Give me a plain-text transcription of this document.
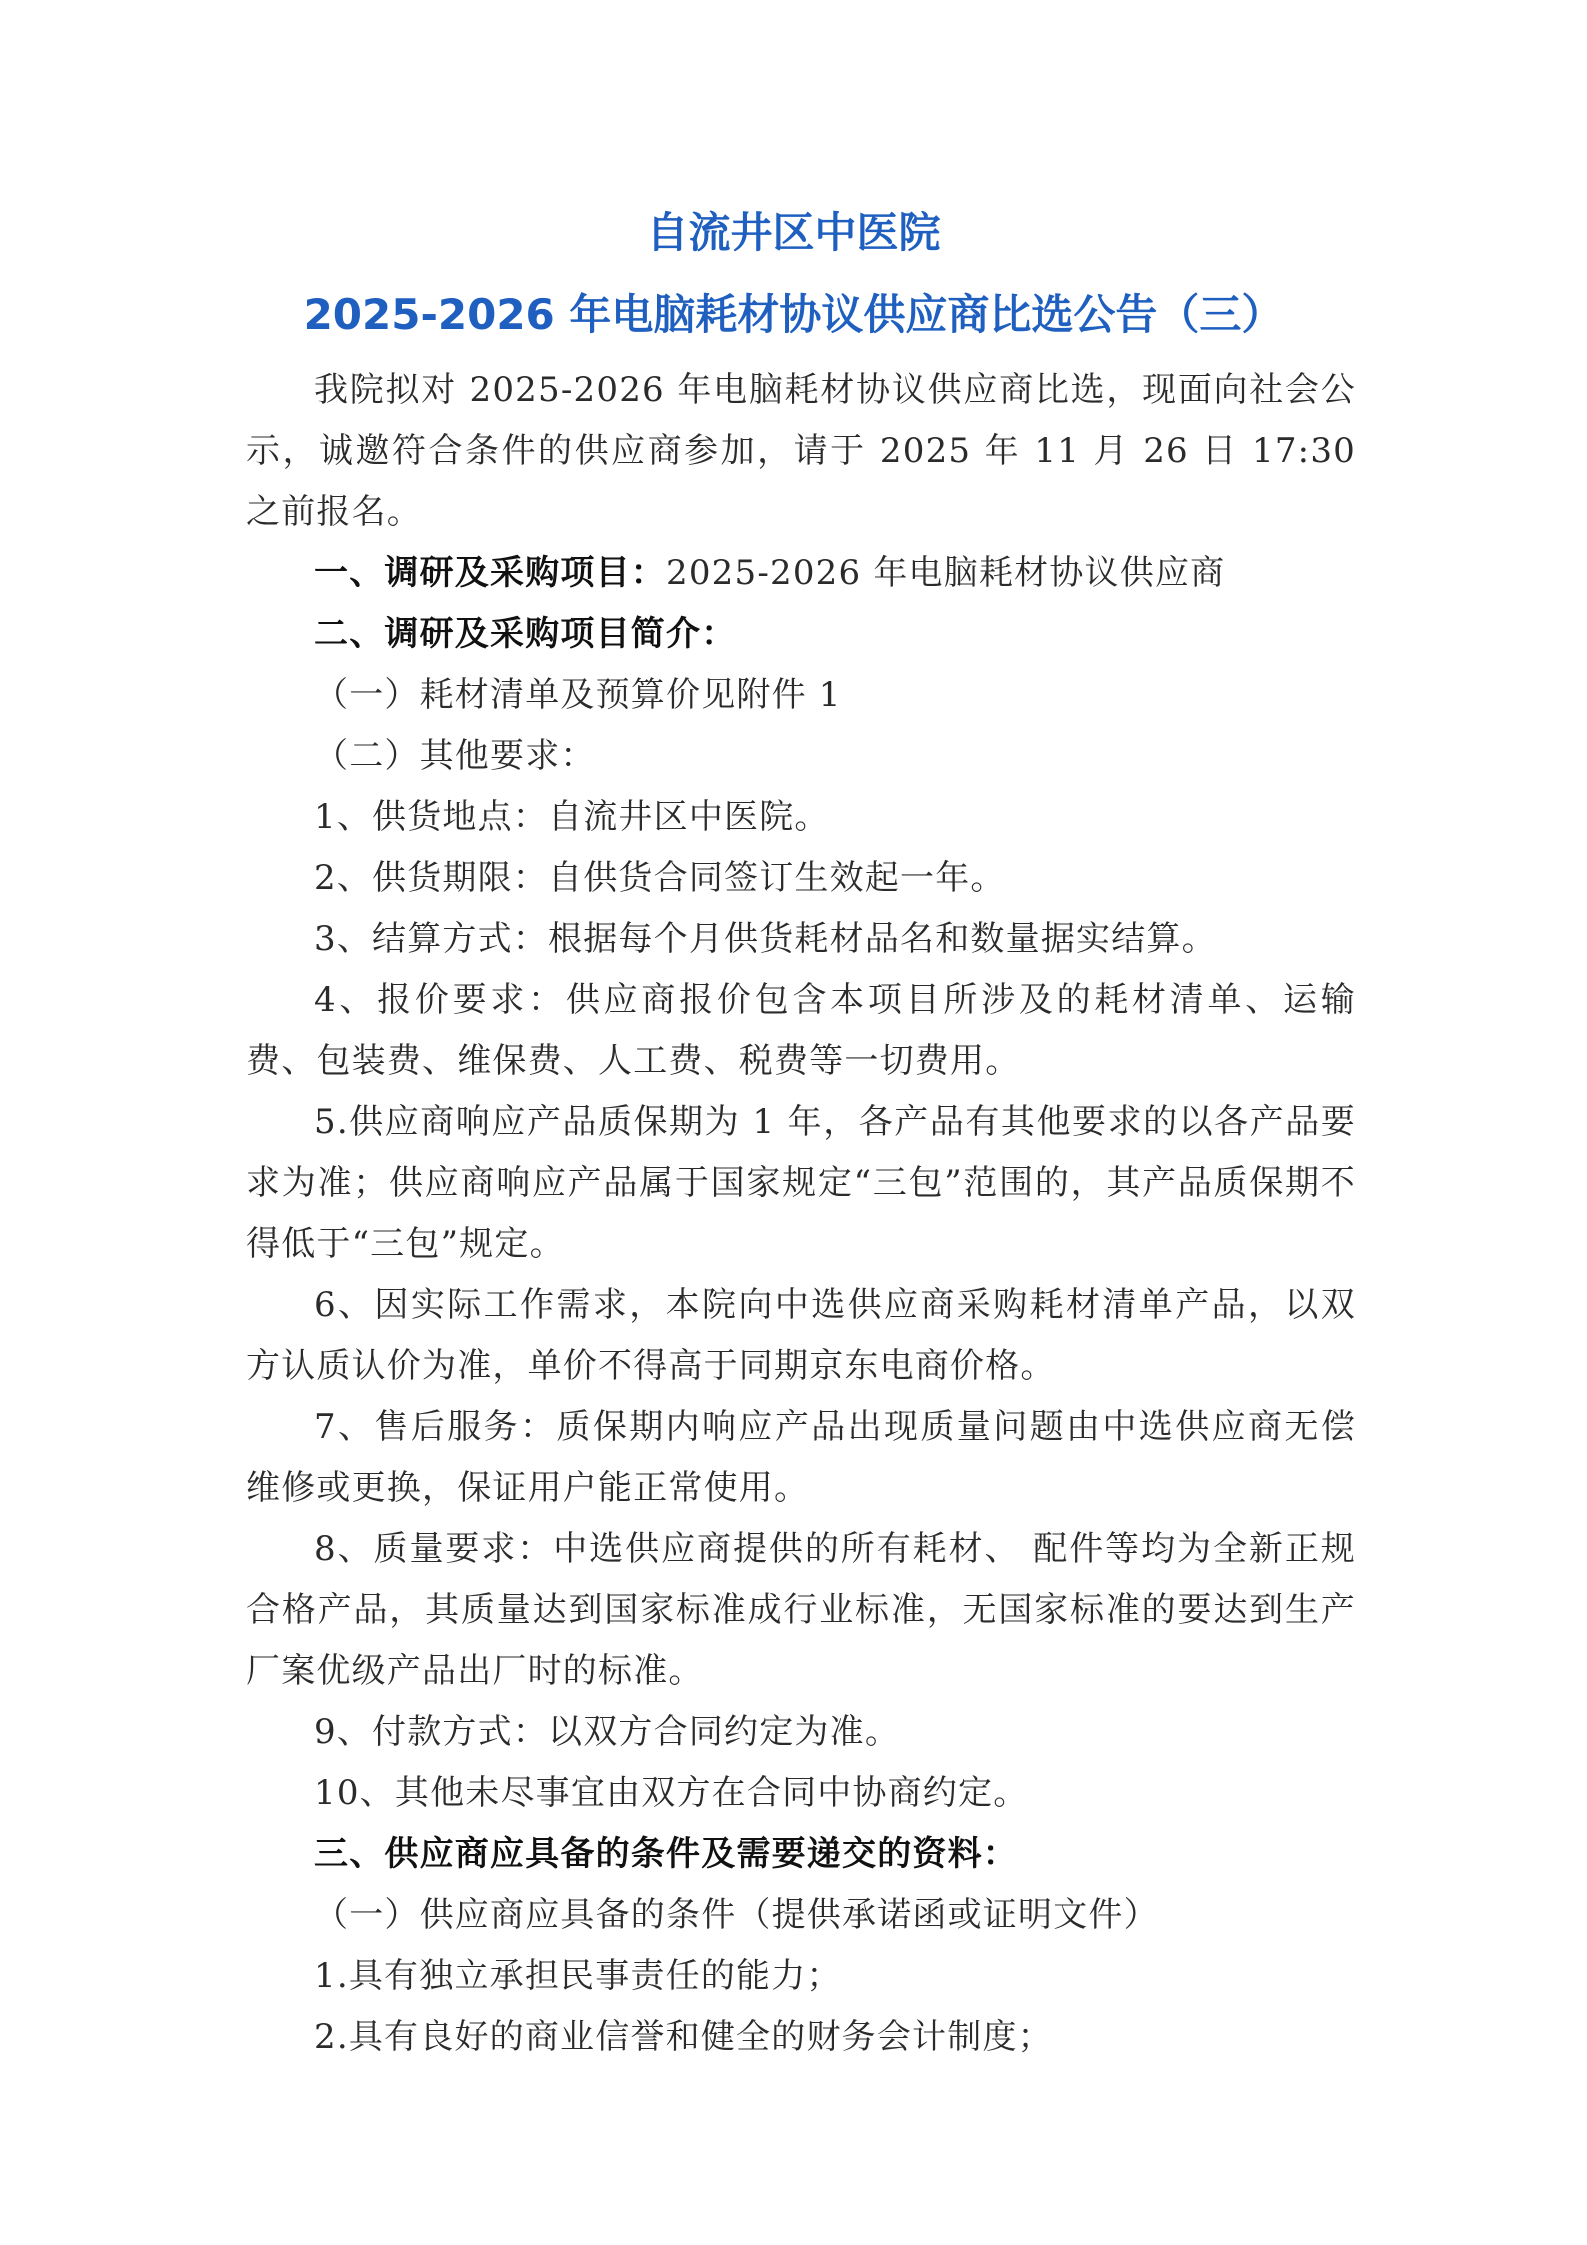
自流井区中医院
2025-2026 年电脑耗材协议供应商比选公告（三）

我院拟对 2025-2026 年电脑耗材协议供应商比选，现面向社会公示，诚邀符合条件的供应商参加，请于 2025 年 11 月 26 日 17:30 之前报名。

一、调研及采购项目：2025-2026 年电脑耗材协议供应商

二、调研及采购项目简介：

（一）耗材清单及预算价见附件 1

（二）其他要求：

1、供货地点：自流井区中医院。

2、供货期限：自供货合同签订生效起一年。

3、结算方式：根据每个月供货耗材品名和数量据实结算。

4、报价要求：供应商报价包含本项目所涉及的耗材清单、运输费、包装费、维保费、人工费、税费等一切费用。

5.供应商响应产品质保期为 1 年，各产品有其他要求的以各产品要求为准；供应商响应产品属于国家规定“三包”范围的，其产品质保期不得低于“三包”规定。

6、因实际工作需求，本院向中选供应商采购耗材清单产品，以双方认质认价为准，单价不得高于同期京东电商价格。

7、售后服务：质保期内响应产品出现质量问题由中选供应商无偿维修或更换，保证用户能正常使用。

8、质量要求：中选供应商提供的所有耗材、 配件等均为全新正规合格产品，其质量达到国家标准成行业标准，无国家标准的要达到生产厂案优级产品出厂时的标准。

9、付款方式：以双方合同约定为准。

10、其他未尽事宜由双方在合同中协商约定。

三、供应商应具备的条件及需要递交的资料：

（一）供应商应具备的条件（提供承诺函或证明文件）

1.具有独立承担民事责任的能力；

2.具有良好的商业信誉和健全的财务会计制度；
